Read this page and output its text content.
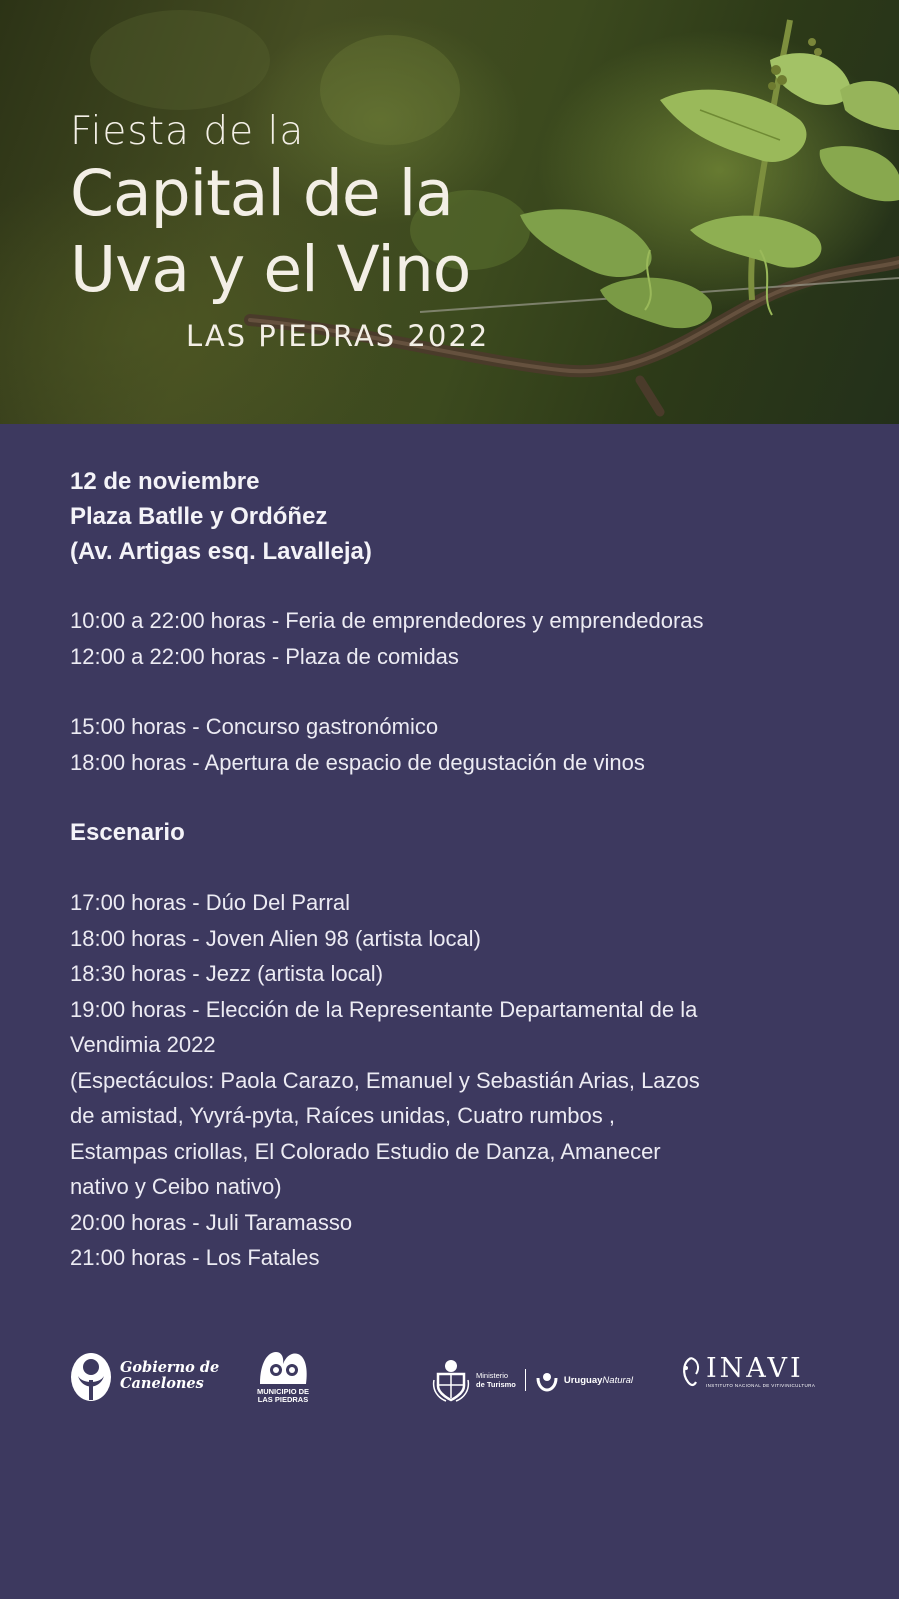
Fiesta de la
Capital de la
Uva y el Vino
LAS PIEDRAS 2022
12 de noviembre
Plaza Batlle y Ordóñez
(Av. Artigas esq. Lavalleja)
10:00 a 22:00 horas - Feria de emprendedores y emprendedoras
12:00 a 22:00 horas - Plaza de comidas
15:00 horas - Concurso gastronómico
18:00 horas - Apertura de espacio de degustación de vinos
Escenario
17:00 horas - Dúo Del Parral
18:00 horas - Joven Alien 98 (artista local)
18:30 horas - Jezz (artista local)
19:00 horas - Elección de la Representante Departamental de la
Vendimia 2022
(Espectáculos: Paola Carazo, Emanuel y Sebastián Arias, Lazos
de amistad, Yvyrá-pyta, Raíces unidas, Cuatro rumbos ,
Estampas criollas, El Colorado Estudio de Danza, Amanecer
nativo y Ceibo nativo)
20:00 horas - Juli Taramasso
21:00 horas - Los Fatales
Gobierno de
Canelones	MUNICIPIO DE
LAS PIEDRAS
Ministerio
de Turismo	UruguayNatural	INAVI
INSTITUTO NACIONAL DE VITIVINICULTURA
